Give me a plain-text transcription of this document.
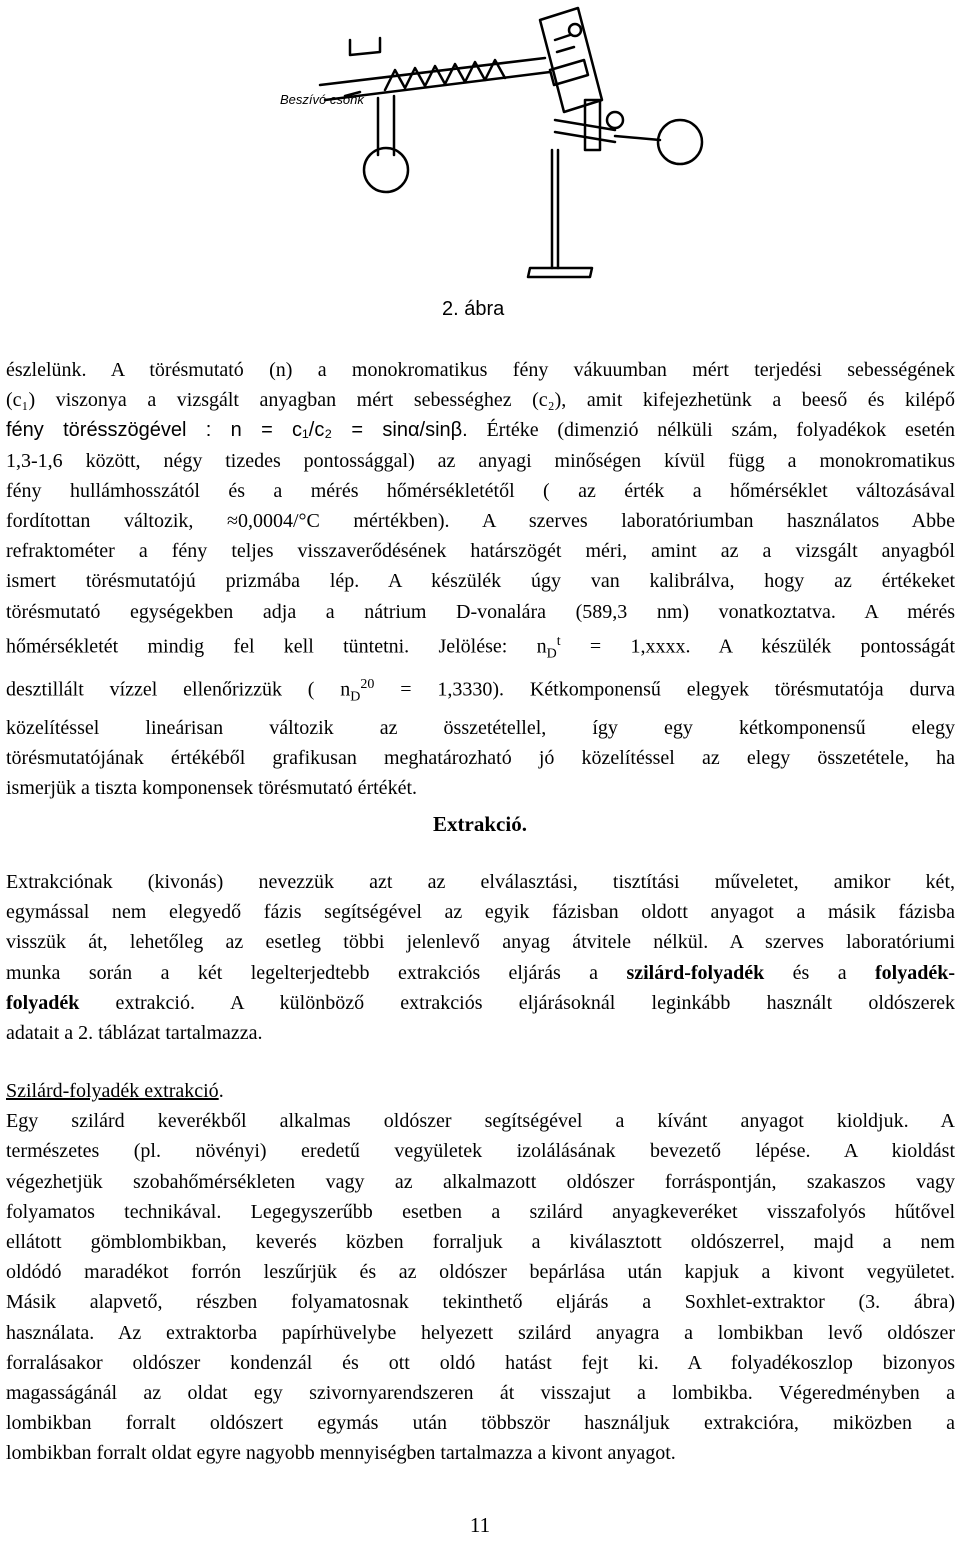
Beszívó csonk
2. ábra
észlelünk. A törésmutató (n) a monokromatikus fény vákuumban mért terjedési sebességének
(c₁) viszonya a vizsgált anyagban mért sebességhez (c₂), amit kifejezhetünk a beeső és kilépő
fény törésszögével : n = c₁/c₂ = sinα/sinβ. Értéke (dimenzió nélküli szám, folyadékok esetén
1,3-1,6 között, négy tizedes pontossággal) az anyagi minőségen kívül függ a monokromatikus
fény hullámhosszától és a mérés hőmérsékletétől ( az érték a hőmérséklet változásával
fordítottan változik, ≈0,0004/°C mértékben). A szerves laboratóriumban használatos Abbe
refraktométer a fény teljes visszaverődésének határszögét méri, amint az a vizsgált anyagból
ismert törésmutatójú prizmába lép. A készülék úgy van kalibrálva, hogy az értékeket
törésmutató egységekben adja a nátrium D-vonalára (589,3 nm) vonatkoztatva. A mérés
hőmérsékletét mindig fel kell tüntetni. Jelölése: $n_D^t$ = 1,xxxx. A készülék pontosságát
desztillált vízzel ellenőrizzük ( $n_D^{20} = 1,3330$). Kétkomponensű elegyek törésmutatója durva
közelítéssel lineárisan változik az összetétellel, így egy kétkomponensű elegy
törésmutatójának értékéből grafikusan meghatározható jó közelítéssel az elegy összetétele, ha
ismerjük a tiszta komponensek törésmutató értékét.
Extrakció.
Extrakciónak (kivonás) nevezzük azt az elválasztási, tisztítási műveletet, amikor két,
egymással nem elegyedő fázis segítségével az egyik fázisban oldott anyagot a másik fázisba
visszük át, lehetőleg az esetleg többi jelenlevő anyag átvitele nélkül. A szerves laboratóriumi
munka során a két legelterjedtebb extrakciós eljárás a szilárd-folyadék és a folyadék-
folyadék extrakció. A különböző extrakciós eljárásoknál leginkább használt oldószerek
adatait a 2. táblázat tartalmazza.
Szilárd-folyadék extrakció.
Egy szilárd keverékből alkalmas oldószer segítségével a kívánt anyagot kioldjuk. A
természetes (pl. növényi) eredetű vegyületek izolálásának bevezető lépése. A kioldást
végezhetjük szobahőmérsékleten vagy az alkalmazott oldószer forráspontján, szakaszos vagy
folyamatos technikával. Legegyszerűbb esetben a szilárd anyagkeveréket visszafolyós hűtővel
ellátott gömblombikban, keverés közben forraljuk a kiválasztott oldószerrel, majd a nem
oldódó maradékot forrón leszűrjük és az oldószer bepárlása után kapjuk a kivont vegyületet.
Másik alapvető, részben folyamatosnak tekinthető eljárás a Soxhlet-extraktor (3. ábra)
használata. Az extraktorba papírhüvelybe helyezett szilárd anyagra a lombikban levő oldószer
forralásakor oldószer kondenzál és ott oldó hatást fejt ki. A folyadékoszlop bizonyos
magasságánál az oldat egy szivornyarendszeren át visszajut a lombikba. Végeredményben a
lombikban forralt oldószert egymás után többször használjuk extrakcióra, miközben a
lombikban forralt oldat egyre nagyobb mennyiségben tartalmazza a kivont anyagot.
11
